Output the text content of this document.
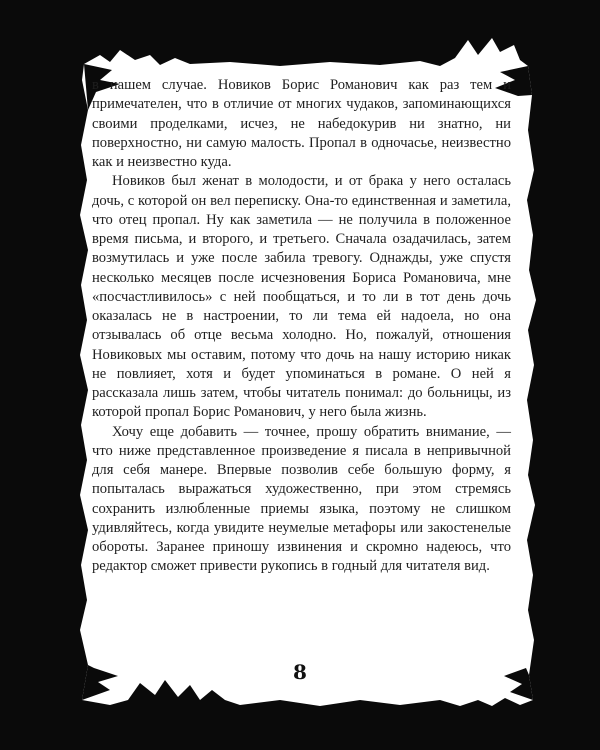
в нашем случае. Новиков Борис Романович как раз тем и примечателен, что в отличие от многих чудаков, запоминающихся своими проделками, исчез, не набедокурив ни знатно, ни поверхностно, ни самую малость. Пропал в одночасье, неизвестно как и неизвестно куда.

Новиков был женат в молодости, и от брака у него осталась дочь, с которой он вел переписку. Она-то единственная и заметила, что отец пропал. Ну как заметила — не получила в положенное время письма, и второго, и третьего. Сначала озадачилась, затем возмутилась и уже после забила тревогу. Однажды, уже спустя несколько месяцев после исчезновения Бориса Романовича, мне «посчастливилось» с ней пообщаться, и то ли в тот день дочь оказалась не в настроении, то ли тема ей надоела, но она отзывалась об отце весьма холодно. Но, пожалуй, отношения Новиковых мы оставим, потому что дочь на нашу историю никак не повлияет, хотя и будет упоминаться в романе. О ней я рассказала лишь затем, чтобы читатель понимал: до больницы, из которой пропал Борис Романович, у него была жизнь.

Хочу еще добавить — точнее, прошу обратить внимание, — что ниже представленное произведение я писала в непривычной для себя манере. Впервые позволив себе большую форму, я попыталась выражаться художественно, при этом стремясь сохранить излюбленные приемы языка, поэтому не слишком удивляйтесь, когда увидите неумелые метафоры или закостенелые обороты. Заранее приношу извинения и скромно надеюсь, что редактор сможет привести рукопись в годный для читателя вид.

8
